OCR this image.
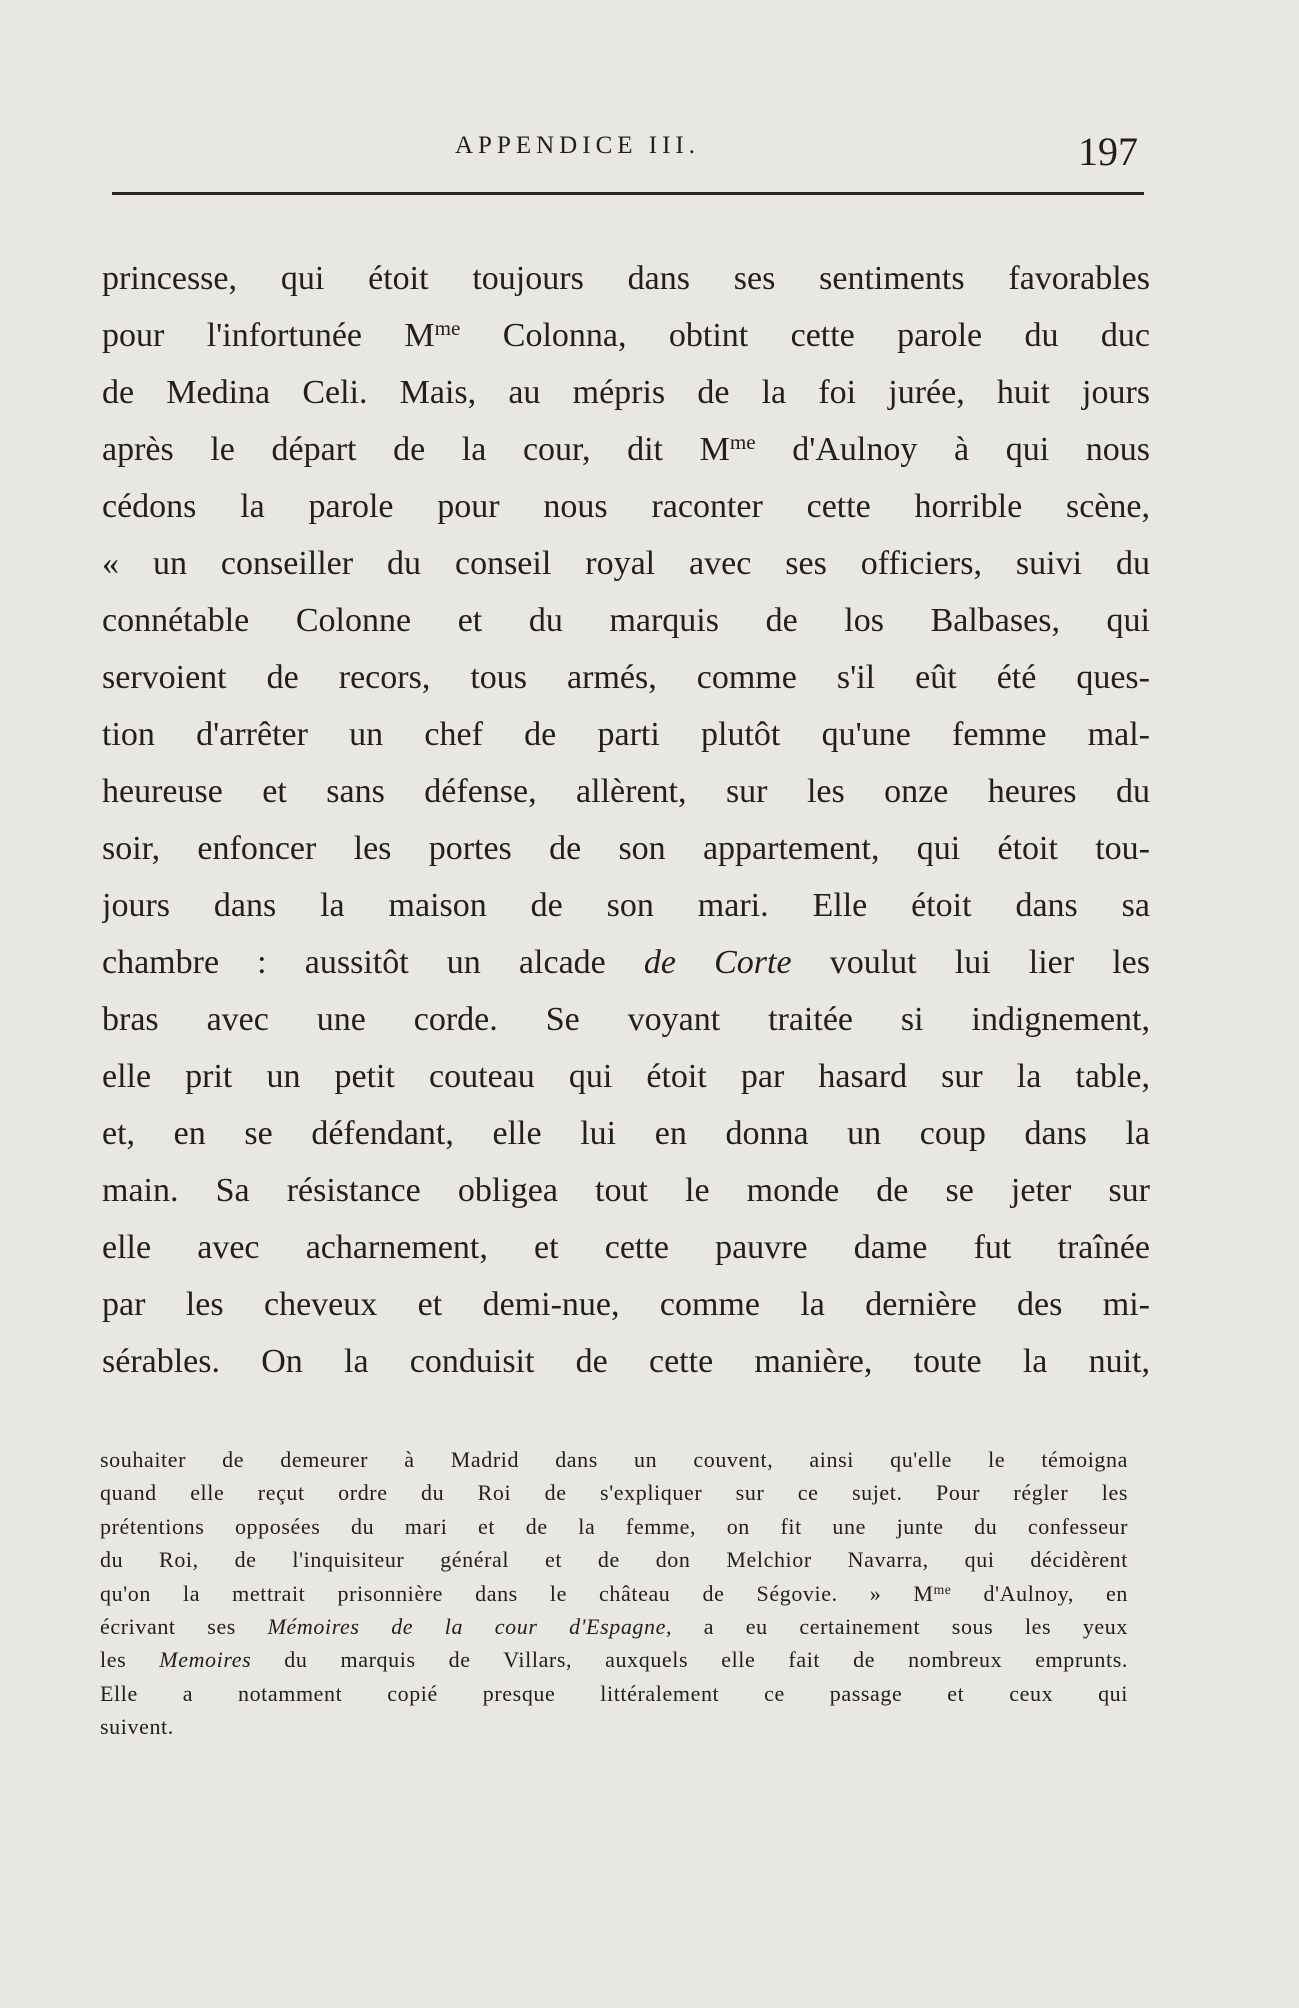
APPENDICE III.	197
princesse, qui étoit toujours dans ses sentiments favorables
pour l'infortunée $M^{me}$ Colonna, obtint cette parole du duc
de Medina Celi. Mais, au mépris de la foi jurée, huit jours
après le départ de la cour, dit $M^{me}$ d'Aulnoy à qui nous
cédons la parole pour nous raconter cette horrible scène,
« un conseiller du conseil royal avec ses officiers, suivi du
connétable Colonne et du marquis de los Balbases, qui
servoient de recors, tous armés, comme s'il eût été ques-
tion d'arrêter un chef de parti plutôt qu'une femme mal-
heureuse et sans défense, allèrent, sur les onze heures du
soir, enfoncer les portes de son appartement, qui étoit tou-
jours dans la maison de son mari. Elle étoit dans sa
chambre : aussitôt un alcade de Corte voulut lui lier les
bras avec une corde. Se voyant traitée si indignement,
elle prit un petit couteau qui étoit par hasard sur la table,
et, en se défendant, elle lui en donna un coup dans la
main. Sa résistance obligea tout le monde de se jeter sur
elle avec acharnement, et cette pauvre dame fut traînée
par les cheveux et demi-nue, comme la dernière des mi-
sérables. On la conduisit de cette manière, toute la nuit,
souhaiter de demeurer à Madrid dans un couvent, ainsi qu'elle le témoigna
quand elle reçut ordre du Roi de s'expliquer sur ce sujet. Pour régler les
prétentions opposées du mari et de la femme, on fit une junte du confesseur
du Roi, de l'inquisiteur général et de don Melchior Navarra, qui décidèrent
qu'on la mettrait prisonnière dans le château de Ségovie. » $M^{me}$ d'Aulnoy, en
écrivant ses Mémoires de la cour d'Espagne, a eu certainement sous les yeux
les Memoires du marquis de Villars, auxquels elle fait de nombreux emprunts.
Elle a notamment copié presque littéralement ce passage et ceux qui
suivent.
